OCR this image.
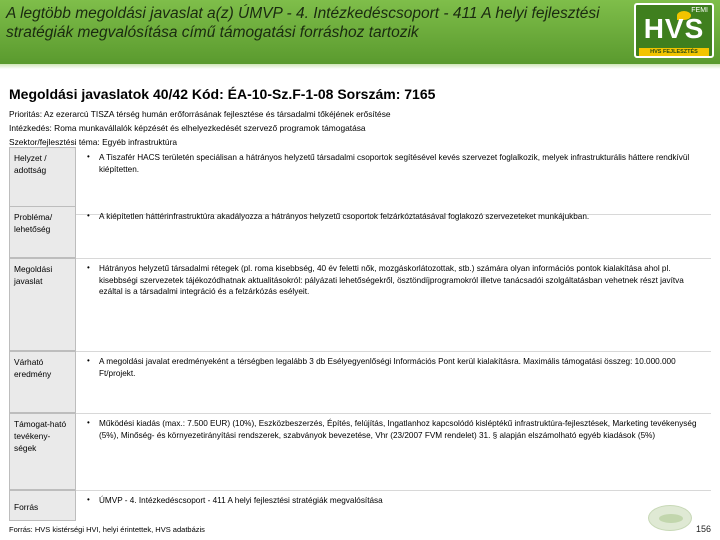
A legtöbb megoldási javaslat a(z) ÚMVP - 4. Intézkedéscsoport - 411 A helyi fejlesztési stratégiák megvalósítása című támogatási forráshoz tartozik
FEMI
HVS
HVS FEJLESZTÉS
Megoldási javaslatok 40/42 Kód: ÉA-10-Sz.F-1-08 Sorszám: 7165
Prioritás: Az ezerarcú TISZA térség humán erőforrásának fejlesztése és társadalmi tőkéjének erősítése
Intézkedés: Roma munkavállalók képzését és elhelyezkedését szervező programok támogatása
Szektor/fejlesztési téma: Egyéb infrastruktúra
Helyzet / adottság
• A Tiszafér HACS területén speciálisan a hátrányos helyzetű társadalmi csoportok segítésével kevés szervezet foglalkozik, melyek infrastrukturális háttere rendkívül kiépítetten.
Probléma/ lehetőség
• A kiépítetlen háttérinfrastruktúra akadályozza a hátrányos helyzetű csoportok felzárkóztatásával foglakozó szervezeteket munkájukban.
Megoldási javaslat
• Hátrányos helyzetű társadalmi rétegek (pl. roma kisebbség, 40 év feletti nők, mozgáskorlátozottak, stb.) számára olyan információs pontok kialakítása ahol pl. kisebbségi szervezetek tájékozódhatnak aktualitásokról: pályázati lehetőségekről, ösztöndíjprogramokról illetve tanácsadói szolgáltatásban vehetnek részt javítva ezáltal is a társadalmi integráció és a felzárkózás esélyeit.
Várható eredmény
• A megoldási javalat eredményeként a térségben legalább 3 db Esélyegyenlőségi Információs Pont kerül kialakításra. Maximális támogatási összeg: 10.000.000 Ft/projekt.
Támogat-ható tevékeny-ségek
• Működési kiadás (max.: 7.500 EUR) (10%), Eszközbeszerzés, Építés, felújítás, Ingatlanhoz kapcsolódó kisléptékű infrastruktúra-fejlesztések, Marketing tevékenység (5%), Minőség- és környezetirányítási rendszerek, szabványok bevezetése, Vhr (23/2007 FVM rendelet) 31. § alapján elszámolható egyéb kiadások (5%)
Forrás
• ÚMVP - 4. Intézkedéscsoport - 411 A helyi fejlesztési stratégiák megvalósítása
Forrás: HVS kistérségi HVI, helyi érintettek, HVS adatbázis	156
